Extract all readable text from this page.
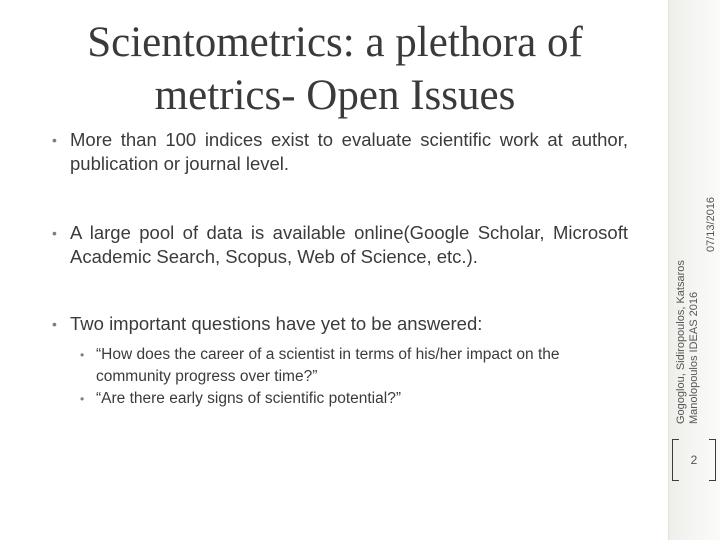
Scientometrics: a plethora of
metrics- Open Issues
• More than 100 indices exist to evaluate scientific work at author, publication or journal level.
• A large pool of data is available online(Google Scholar, Microsoft Academic Search, Scopus, Web of Science, etc.).
• Two important questions have yet to be answered:
• “How does the career of a scientist in terms of his/her impact on the community progress over time?”
• “Are there early signs of scientific potential?”
07/13/2016
Gogoglou, Sidiropoulos, Katsaros Manolopoulos IDEAS 2016
2
